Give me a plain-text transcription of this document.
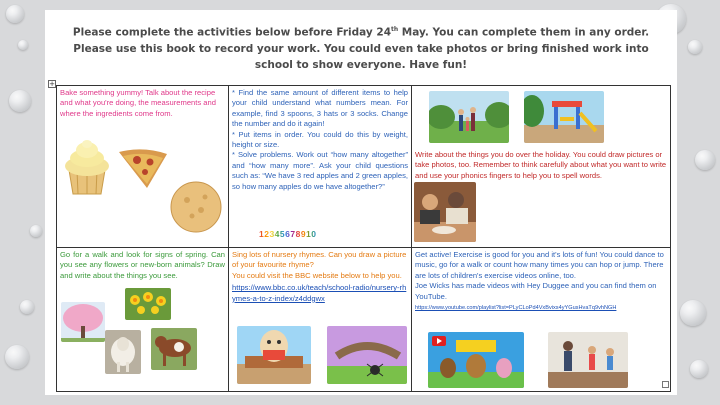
Please complete the activities below before Friday 24th May. You can complete them in any order.
Please use this book to record your work. You could even take photos or bring finished work into
school to show everyone. Have fun!
+
Bake something yummy! Talk about the recipe and what you're doing, the measurements and where the ingredients come from.
* Find the same amount of different items to help your child understand what numbers mean. For example, find 3 spoons, 3 hats or 3 socks. Change the number and do it again!
* Put items in order. You could do this by weight, height or size.
* Solve problems. Work out “how many altogether” and “how many more”. Ask your child questions such as: “We have 3 red apples and 2 green apples, so how many apples do we have altogether?”
12345678910
Write about the things you do over the holiday. You could draw pictures or take photos, too. Remember to think carefully about what you want to write and use your phonics fingers to help you to spell words.
Go for a walk and look for signs of spring. Can you see any flowers or new-born animals? Draw and write about the things you see.
Sing lots of nursery rhymes. Can you draw a picture of your favourite rhyme?
You could visit the BBC website below to help you.
https://www.bbc.co.uk/teach/school-radio/nursery-rhymes-a-to-z-index/z4ddgwx
Get active! Exercise is good for you and it's lots of fun! You could dance to music, go for a walk or count how many times you can hop or jump. There are lots of children's exercise videos online, too.
Joe Wicks has made videos with Hey Duggee and you can find them on YouTube.
https://www.youtube.com/playlist?list=PLyCLoPd4VxBvixs4yYGusHvaTq9vhNGH
